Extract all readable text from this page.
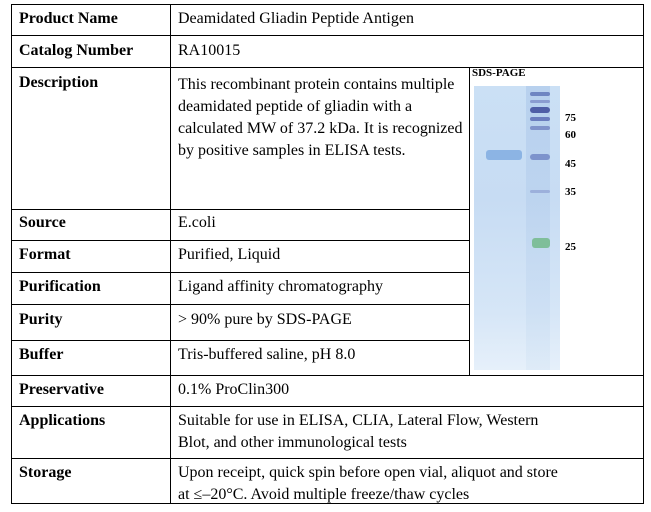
Product Name
Catalog Number
Description
Source
Format
Purification
Purity
Buffer
Preservative
Applications
Storage
Deamidated Gliadin Peptide Antigen
RA10015
This recombinant protein contains multiple deamidated peptide of gliadin with a calculated MW of 37.2 kDa. It is recognized by positive samples in ELISA tests.
E.coli
Purified, Liquid
Ligand affinity chromatography
> 90% pure by SDS-PAGE
Tris-buffered saline, pH 8.0
0.1% ProClin300
Suitable for use in ELISA, CLIA, Lateral Flow, Western
Blot, and other immunological tests
Upon receipt, quick spin before open vial, aliquot and store
at ≤–20°C. Avoid multiple freeze/thaw cycles
SDS-PAGE
75
60
45
35
25
